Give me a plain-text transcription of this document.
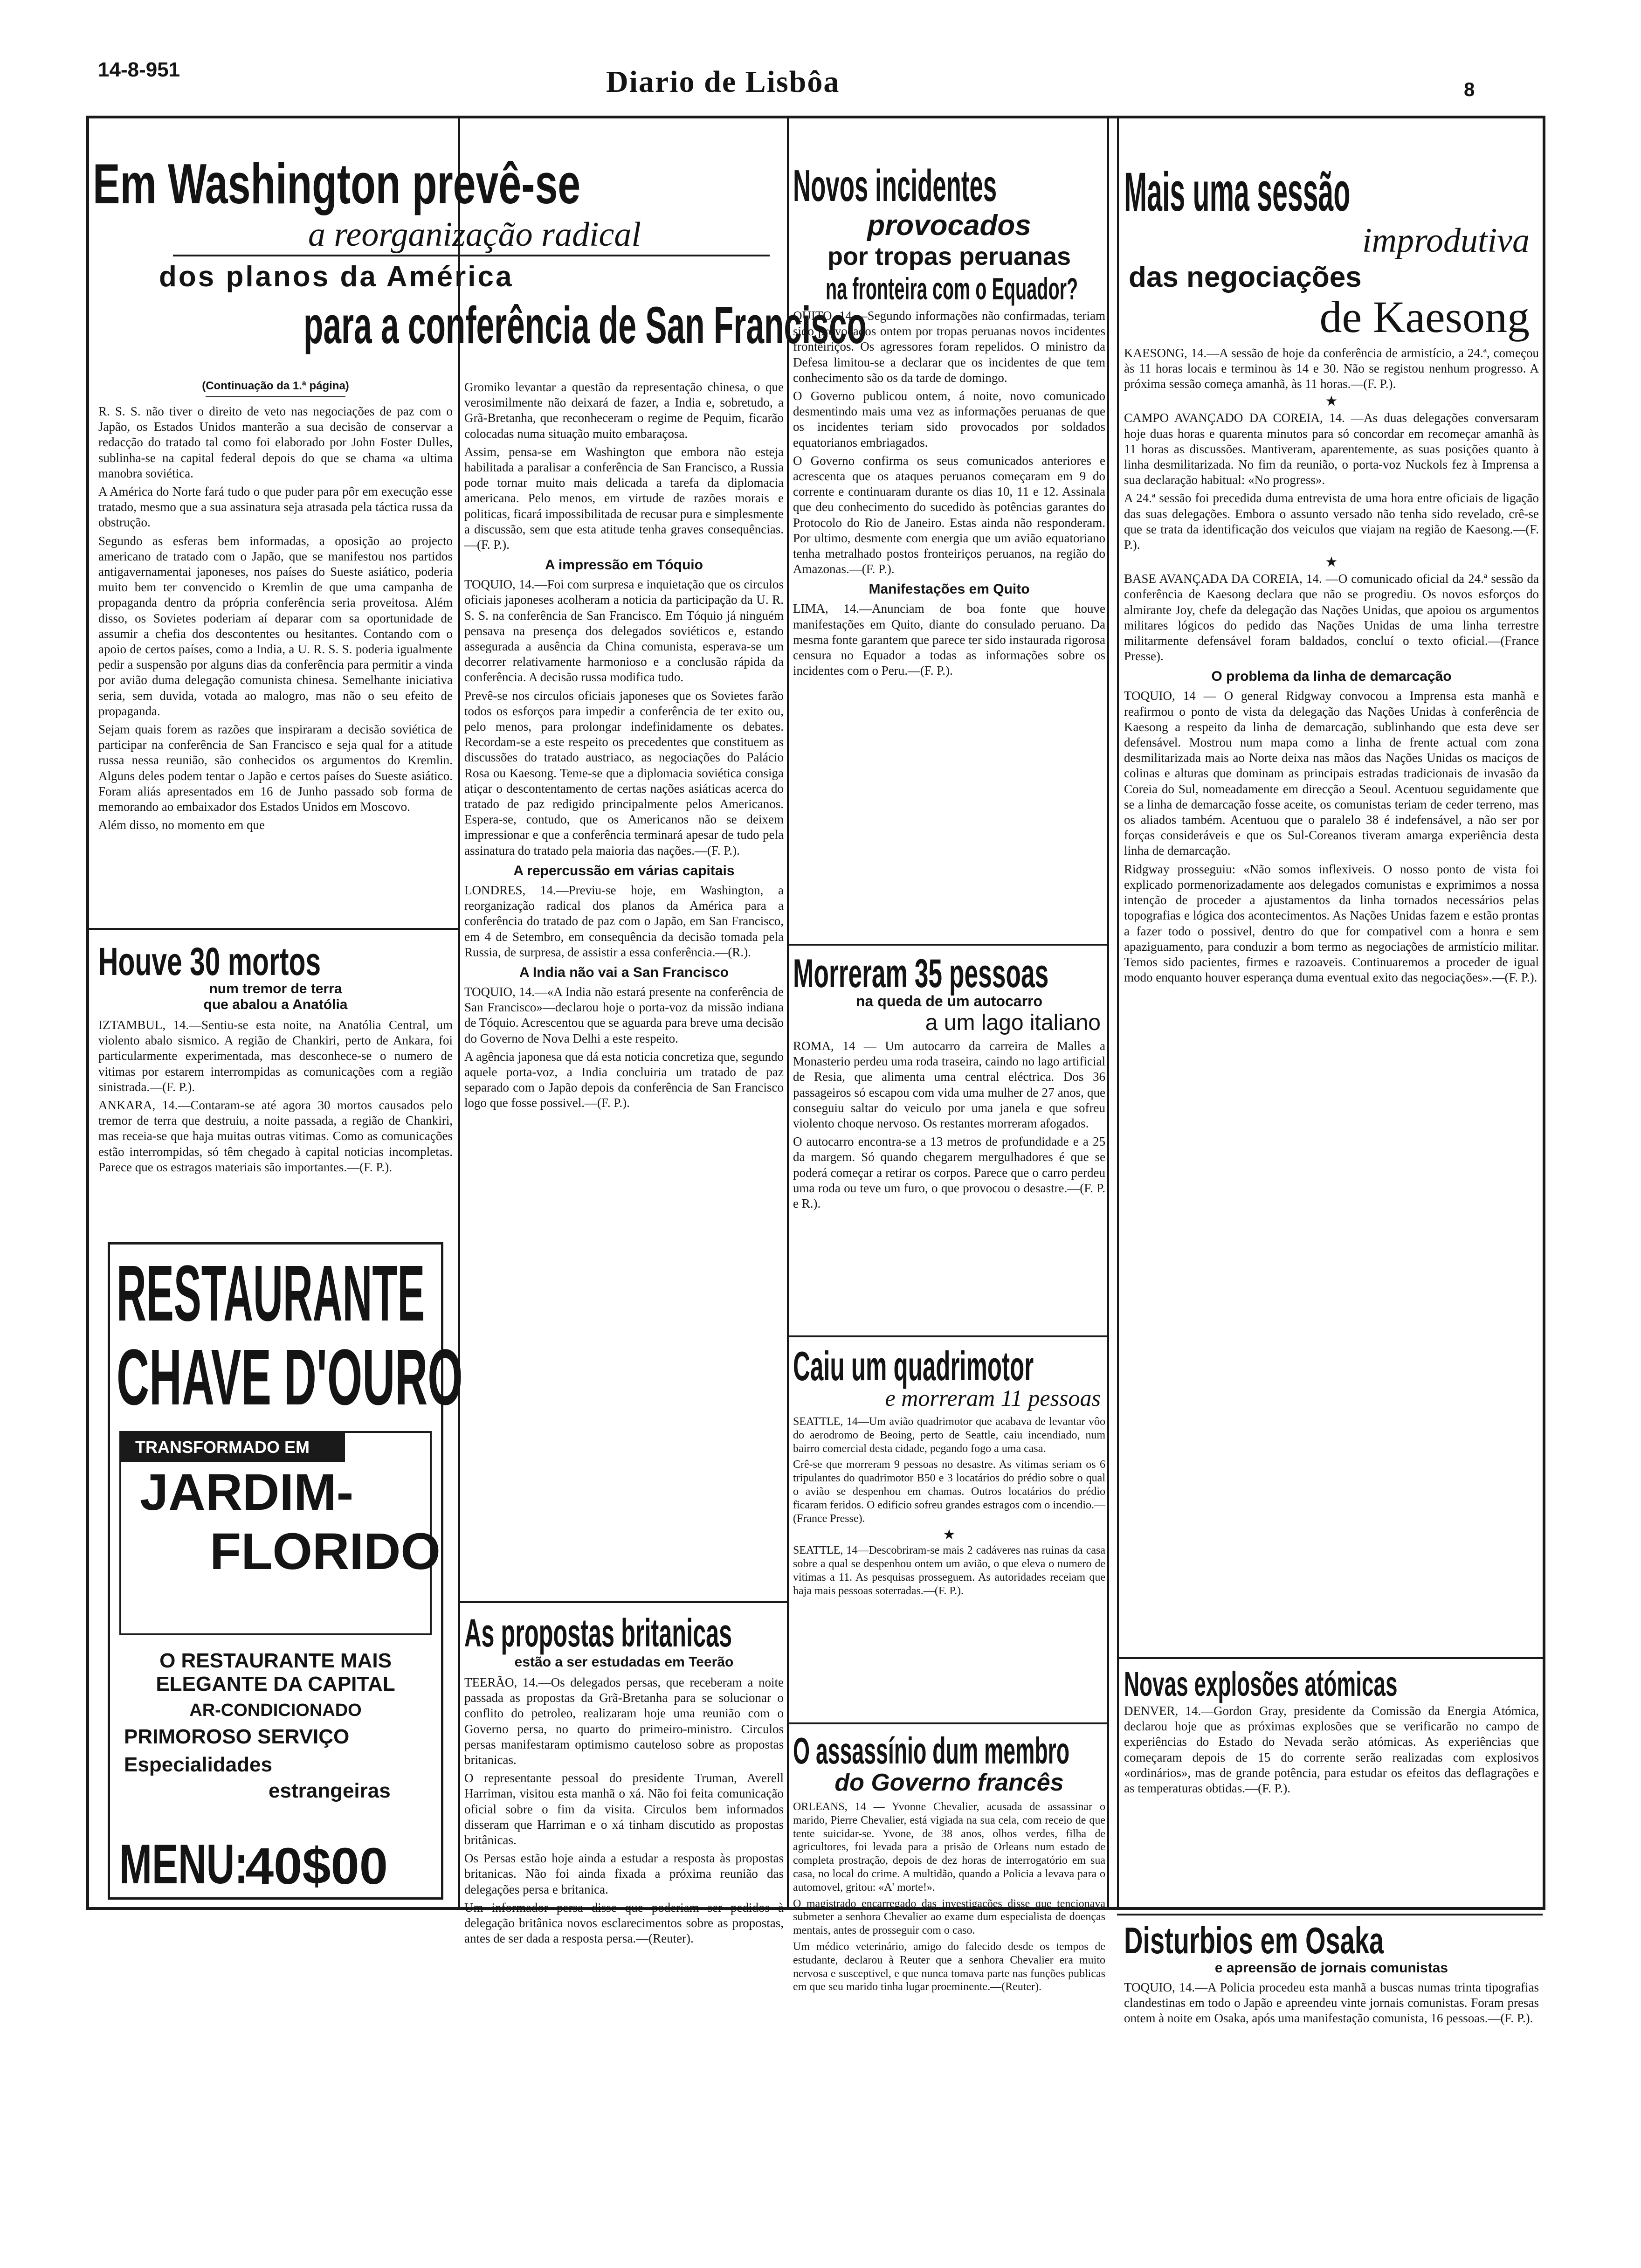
14-8-951	Diario de Lisbôa	8
Em Washington prevê-se
a reorganização radical
dos planos da América
para a conferência de San Francisco
(Continuação da 1.ª página)

R. S. S. não tiver o direito de veto nas negociações de paz com o Japão, os Estados Unidos manterão a sua decisão de conservar a redacção do tratado tal como foi elaborado por John Foster Dulles, sublinha-se na capital federal depois do que se chama «a ultima manobra soviética.

A América do Norte fará tudo o que puder para pôr em execução esse tratado, mesmo que a sua assinatura seja atrasada pela táctica russa da obstrução.

Segundo as esferas bem informadas, a oposição ao projecto americano de tratado com o Japão, que se manifestou nos partidos antigavernamentai japoneses, nos países do Sueste asiático, poderia muito bem ter convencido o Kremlin de que uma campanha de propaganda dentro da própria conferência seria proveitosa. Além disso, os Sovietes poderiam aí deparar com sa oportunidade de assumir a chefia dos descontentes ou hesitantes. Contando com o apoio de certos países, como a India, a U. R. S. S. poderia igualmente pedir a suspensão por alguns dias da conferência para permitir a vinda por avião duma delegação comunista chinesa. Semelhante iniciativa seria, sem duvida, votada ao malogro, mas não o seu efeito de propaganda.

Sejam quais forem as razões que inspiraram a decisão soviética de participar na conferência de San Francisco e seja qual for a atitude russa nessa reunião, são conhecidos os argumentos do Kremlin. Alguns deles podem tentar o Japão e certos países do Sueste asiático. Foram aliás apresentados em 16 de Junho passado sob forma de memorando ao embaixador dos Estados Unidos em Moscovo.

Além disso, no momento em que

Houve 30 mortos
num tremor de terra
que abalou a Anatólia

IZTAMBUL, 14.—Sentiu-se esta noite, na Anatólia Central, um violento abalo sismico. A região de Chankiri, perto de Ankara, foi particularmente experimentada, mas desconhece-se o numero de vitimas por estarem interrompidas as comunicações com a região sinistrada.—(F. P.).

ANKARA, 14.—Contaram-se até agora 30 mortos causados pelo tremor de terra que destruiu, a noite passada, a região de Chankiri, mas receia-se que haja muitas outras vitimas. Como as comunicações estão interrompidas, só têm chegado à capital noticias incompletas. Parece que os estragos materiais são importantes.—(F. P.).

RESTAURANTE
CHAVE D'OURO
TRANSFORMADO EM
JARDIM-
FLORIDO
O RESTAURANTE MAIS
ELEGANTE DA CAPITAL
AR-CONDICIONADO
PRIMOROSO SERVIÇO
Especialidades
estrangeiras
MENU:
40$00

Gromiko levantar a questão da representação chinesa, o que verosimilmente não deixará de fazer, a India e, sobretudo, a Grã-Bretanha, que reconheceram o regime de Pequim, ficarão colocadas numa situação muito embaraçosa.

Assim, pensa-se em Washington que embora não esteja habilitada a paralisar a conferência de San Francisco, a Russia pode tornar muito mais delicada a tarefa da diplomacia americana. Pelo menos, em virtude de razões morais e politicas, ficará impossibilitada de recusar pura e simplesmente a discussão, sem que esta atitude tenha graves consequências.—(F. P.).

A impressão em Tóquio

TOQUIO, 14.—Foi com surpresa e inquietação que os circulos oficiais japoneses acolheram a noticia da participação da U. R. S. S. na conferência de San Francisco. Em Tóquio já ninguém pensava na presença dos delegados soviéticos e, estando assegurada a ausência da China comunista, esperava-se um decorrer relativamente harmonioso e a conclusão rápida da conferência. A decisão russa modifica tudo.

Prevê-se nos circulos oficiais japoneses que os Sovietes farão todos os esforços para impedir a conferência de ter exito ou, pelo menos, para prolongar indefinidamente os debates. Recordam-se a este respeito os precedentes que constituem as discussões do tratado austriaco, as negociações do Palácio Rosa ou Kaesong. Teme-se que a diplomacia soviética consiga atiçar o descontentamento de certas nações asiáticas acerca do tratado de paz redigido principalmente pelos Americanos. Espera-se, contudo, que os Americanos não se deixem impressionar e que a conferência terminará apesar de tudo pela assinatura do tratado pela maioria das nações.—(F. P.).

A repercussão em várias capitais

LONDRES, 14.—Previu-se hoje, em Washington, a reorganização radical dos planos da América para a conferência do tratado de paz com o Japão, em San Francisco, em 4 de Setembro, em consequência da decisão tomada pela Russia, de surpresa, de assistir a essa conferência.—(R.).

A India não vai a San Francisco

TOQUIO, 14.—«A India não estará presente na conferência de San Francisco»—declarou hoje o porta-voz da missão indiana de Tóquio. Acrescentou que se aguarda para breve uma decisão do Governo de Nova Delhi a este respeito.

A agência japonesa que dá esta noticia concretiza que, segundo aquele porta-voz, a India concluiria um tratado de paz separado com o Japão depois da conferência de San Francisco logo que fosse possivel.—(F. P.).

As propostas britanicas
estão a ser estudadas em Teerão

TEERÃO, 14.—Os delegados persas, que receberam a noite passada as propostas da Grã-Bretanha para se solucionar o conflito do petroleo, realizaram hoje uma reunião com o Governo persa, no quarto do primeiro-ministro. Circulos persas manifestaram optimismo cauteloso sobre as propostas britanicas.

O representante pessoal do presidente Truman, Averell Harriman, visitou esta manhã o xá. Não foi feita comunicação oficial sobre o fim da visita. Circulos bem informados disseram que Harriman e o xá tinham discutido as propostas britânicas.

Os Persas estão hoje ainda a estudar a resposta às propostas britanicas. Não foi ainda fixada a próxima reunião das delegações persa e britanica.

Um informador persa disse que poderiam ser pedidos à delegação britânica novos esclarecimentos sobre as propostas, antes de ser dada a resposta persa.—(Reuter).

Novos incidentes
provocados
por tropas peruanas
na fronteira com o Equador?

QUITO, 14.—Segundo informações não confirmadas, teriam sido provocados ontem por tropas peruanas novos incidentes fronteiriços. Os agressores foram repelidos. O ministro da Defesa limitou-se a declarar que os incidentes de que tem conhecimento são os da tarde de domingo.

O Governo publicou ontem, á noite, novo comunicado desmentindo mais uma vez as informações peruanas de que os incidentes teriam sido provocados por soldados equatorianos embriagados.

O Governo confirma os seus comunicados anteriores e acrescenta que os ataques peruanos começaram em 9 do corrente e continuaram durante os dias 10, 11 e 12. Assinala que deu conhecimento do sucedido às potências garantes do Protocolo do Rio de Janeiro. Estas ainda não responderam. Por ultimo, desmente com energia que um avião equatoriano tenha metralhado postos fronteiriços peruanos, na região do Amazonas.—(F. P.).

Manifestações em Quito

LIMA, 14.—Anunciam de boa fonte que houve manifestações em Quito, diante do consulado peruano. Da mesma fonte garantem que parece ter sido instaurada rigorosa censura no Equador a todas as informações sobre os incidentes com o Peru.—(F. P.).

Morreram 35 pessoas
na queda de um autocarro
a um lago italiano

ROMA, 14 — Um autocarro da carreira de Malles a Monasterio perdeu uma roda traseira, caindo no lago artificial de Resia, que alimenta uma central eléctrica. Dos 36 passageiros só escapou com vida uma mulher de 27 anos, que conseguiu saltar do veiculo por uma janela e que sofreu violento choque nervoso. Os restantes morreram afogados.

O autocarro encontra-se a 13 metros de profundidade e a 25 da margem. Só quando chegarem mergulhadores é que se poderá começar a retirar os corpos. Parece que o carro perdeu uma roda ou teve um furo, o que provocou o desastre.—(F. P. e R.).

Caiu um quadrimotor
e morreram 11 pessoas

SEATTLE, 14—Um avião quadrimotor que acabava de levantar vôo do aerodromo de Beoing, perto de Seattle, caiu incendiado, num bairro comercial desta cidade, pegando fogo a uma casa.

Crê-se que morreram 9 pessoas no desastre. As vitimas seriam os 6 tripulantes do quadrimotor B50 e 3 locatários do prédio sobre o qual o avião se despenhou em chamas. Outros locatários do prédio ficaram feridos. O edificio sofreu grandes estragos com o incendio.—(France Presse).

★

SEATTLE, 14—Descobriram-se mais 2 cadáveres nas ruinas da casa sobre a qual se despenhou ontem um avião, o que eleva o numero de vitimas a 11. As pesquisas prosseguem. As autoridades receiam que haja mais pessoas soterradas.—(F. P.).

O assassínio dum membro
do Governo francês

ORLEANS, 14 — Yvonne Chevalier, acusada de assassinar o marido, Pierre Chevalier, está vigiada na sua cela, com receio de que tente suicidar-se. Yvone, de 38 anos, olhos verdes, filha de agricultores, foi levada para a prisão de Orleans num estado de completa prostração, depois de dez horas de interrogatório em sua casa, no local do crime. A multidão, quando a Policia a levava para o automovel, gritou: «A' morte!».

O magistrado encarregado das investigações disse que tencionava submeter a senhora Chevalier ao exame dum especialista de doenças mentais, antes de prosseguir com o caso.

Um médico veterinário, amigo do falecido desde os tempos de estudante, declarou à Reuter que a senhora Chevalier era muito nervosa e susceptivel, e que nunca tomava parte nas funções publicas em que seu marido tinha lugar proeminente.—(Reuter).

Mais uma sessão
improdutiva
das negociações
de Kaesong

KAESONG, 14.—A sessão de hoje da conferência de armistício, a 24.ª, começou às 11 horas locais e terminou às 14 e 30. Não se registou nenhum progresso. A próxima sessão começa amanhã, às 11 horas.—(F. P.).

★

CAMPO AVANÇADO DA COREIA, 14. —As duas delegações conversaram hoje duas horas e quarenta minutos para só concordar em recomeçar amanhã às 11 horas as discussões. Mantiveram, aparentemente, as suas posições quanto à linha desmilitarizada. No fim da reunião, o porta-voz Nuckols fez à Imprensa a sua declaração habitual: «No progress».

A 24.ª sessão foi precedida duma entrevista de uma hora entre oficiais de ligação das suas delegações. Embora o assunto versado não tenha sido revelado, crê-se que se trata da identificação dos veiculos que viajam na região de Kaesong.—(F. P.).

★

BASE AVANÇADA DA COREIA, 14. —O comunicado oficial da 24.ª sessão da conferência de Kaesong declara que não se progrediu. Os novos esforços do almirante Joy, chefe da delegação das Nações Unidas, que apoiou os argumentos militares lógicos do pedido das Nações Unidas de uma linha terrestre militarmente defensável foram baldados, concluí o texto oficial.—(France Presse).

O problema da linha de demarcação

TOQUIO, 14 — O general Ridgway convocou a Imprensa esta manhã e reafirmou o ponto de vista da delegação das Nações Unidas à conferência de Kaesong a respeito da linha de demarcação, sublinhando que esta deve ser defensável. Mostrou num mapa como a linha de frente actual com zona desmilitarizada mais ao Norte deixa nas mãos das Nações Unidas os maciços de colinas e alturas que dominam as principais estradas tradicionais de invasão da Coreia do Sul, nomeadamente em direcção a Seoul. Acentuou seguidamente que se a linha de demarcação fosse aceite, os comunistas teriam de ceder terreno, mas os aliados também. Acentuou que o paralelo 38 é indefensável, a não ser por forças consideráveis e que os Sul-Coreanos tiveram amarga experiência desta linha de demarcação.

Ridgway prosseguiu: «Não somos inflexiveis. O nosso ponto de vista foi explicado pormenorizadamente aos delegados comunistas e exprimimos a nossa intenção de proceder a ajustamentos da linha tornados necessários pelas topografias e lógica dos acontecimentos. As Nações Unidas fazem e estão prontas a fazer todo o possivel, dentro do que for compativel com a honra e sem apaziguamento, para conduzir a bom termo as negociações de armistício militar. Temos sido pacientes, firmes e razoaveis. Continuaremos a proceder de igual modo enquanto houver esperança duma eventual exito das negociações».—(F. P.).

Novas explosões atómicas

DENVER, 14.—Gordon Gray, presidente da Comissão da Energia Atómica, declarou hoje que as próximas explosões que se verificarão no campo de experiências do Estado do Nevada serão atómicas. As experiências que começaram depois de 15 do corrente serão realizadas com explosivos «ordinários», mas de grande potência, para estudar os efeitos das deflagrações e as temperaturas obtidas.—(F. P.).

Disturbios em Osaka
e apreensão de jornais comunistas

TOQUIO, 14.—A Policia procedeu esta manhã a buscas numas trinta tipografias clandestinas em todo o Japão e apreendeu vinte jornais comunistas. Foram presas ontem à noite em Osaka, após uma manifestação comunista, 16 pessoas.—(F. P.).
